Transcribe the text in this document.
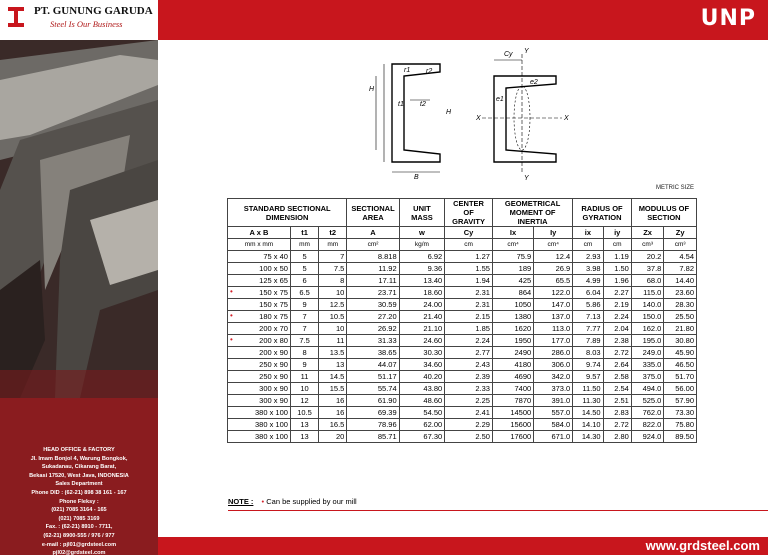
UNP
PT. GUNUNG GARUDA
Steel Is Our Business
HEAD OFFICE & FACTORY
Jl. Imam Bonjol 4, Warung Bongkok,
Sukadanau, Cikarang Barat,
Bekasi 17520, West Java, INDONESIA
Sales Department
Phone DID : (62-21) 898 38 161 - 167
Phone Fleksy :
(021) 7085 3164 - 165
(021) 7085 3169
Fax. : (62-21) 8910 - 7711,
(62-21) 8900-555 / 976 / 977
e-mail : pjl01@grdsteel.com
pjl02@grdsteel.com
H
H
B
r1 r2
t1 t2
Cy Y
Y
X	X
e1
e2
METRIC SIZE
STANDARD SECTIONAL DIMENSION			SECTIONAL AREA	UNIT MASS	CENTER OF GRAVITY	GEOMETRICAL MOMENT OF INERTIA		RADIUS OF GYRATION		MODULUS OF SECTION	
A x B	t1	t2	A	w	Cy	Ix	Iy	ix	iy	Zx	Zy
mm x mm	mm	mm	cm²	kg/m	cm	cm⁴	cm⁴	cm	cm	cm³	cm³
75 x 40	5	7	8.818	6.92	1.27	75.9	12.4	2.93	1.19	20.2	4.54
100 x 50	5	7.5	11.92	9.36	1.55	189	26.9	3.98	1.50	37.8	7.82
125 x 65	6	8	17.11	13.40	1.94	425	65.5	4.99	1.96	68.0	14.40

• 150 x 75	6.5	10	23.71	18.60	2.31	864	122.0	6.04	2.27	115.0	23.60
150 x 75	9	12.5	30.59	24.00	2.31	1050	147.0	5.86	2.19	140.0	28.30

• 180 x 75	7	10.5	27.20	21.40	2.15	1380	137.0	7.13	2.24	150.0	25.50
200 x 70	7	10	26.92	21.10	1.85	1620	113.0	7.77	2.04	162.0	21.80

• 200 x 80	7.5	11	31.33	24.60	2.24	1950	177.0	7.89	2.38	195.0	30.80
200 x 90	8	13.5	38.65	30.30	2.77	2490	286.0	8.03	2.72	249.0	45.90
250 x 90	9	13	44.07	34.60	2.43	4180	306.0	9.74	2.64	335.0	46.50
250 x 90	11	14.5	51.17	40.20	2.39	4690	342.0	9.57	2.58	375.0	51.70
300 x 90	10	15.5	55.74	43.80	2.33	7400	373.0	11.50	2.54	494.0	56.00
300 x 90	12	16	61.90	48.60	2.25	7870	391.0	11.30	2.51	525.0	57.90
380 x 100	10.5	16	69.39	54.50	2.41	14500	557.0	14.50	2.83	762.0	73.30
380 x 100	13	16.5	78.96	62.00	2.29	15600	584.0	14.10	2.72	822.0	75.80
380 x 100	13	20	85.71	67.30	2.50	17600	671.0	14.30	2.80	924.0	89.50
NOTE : • Can be supplied by our mill
www.grdsteel.com
